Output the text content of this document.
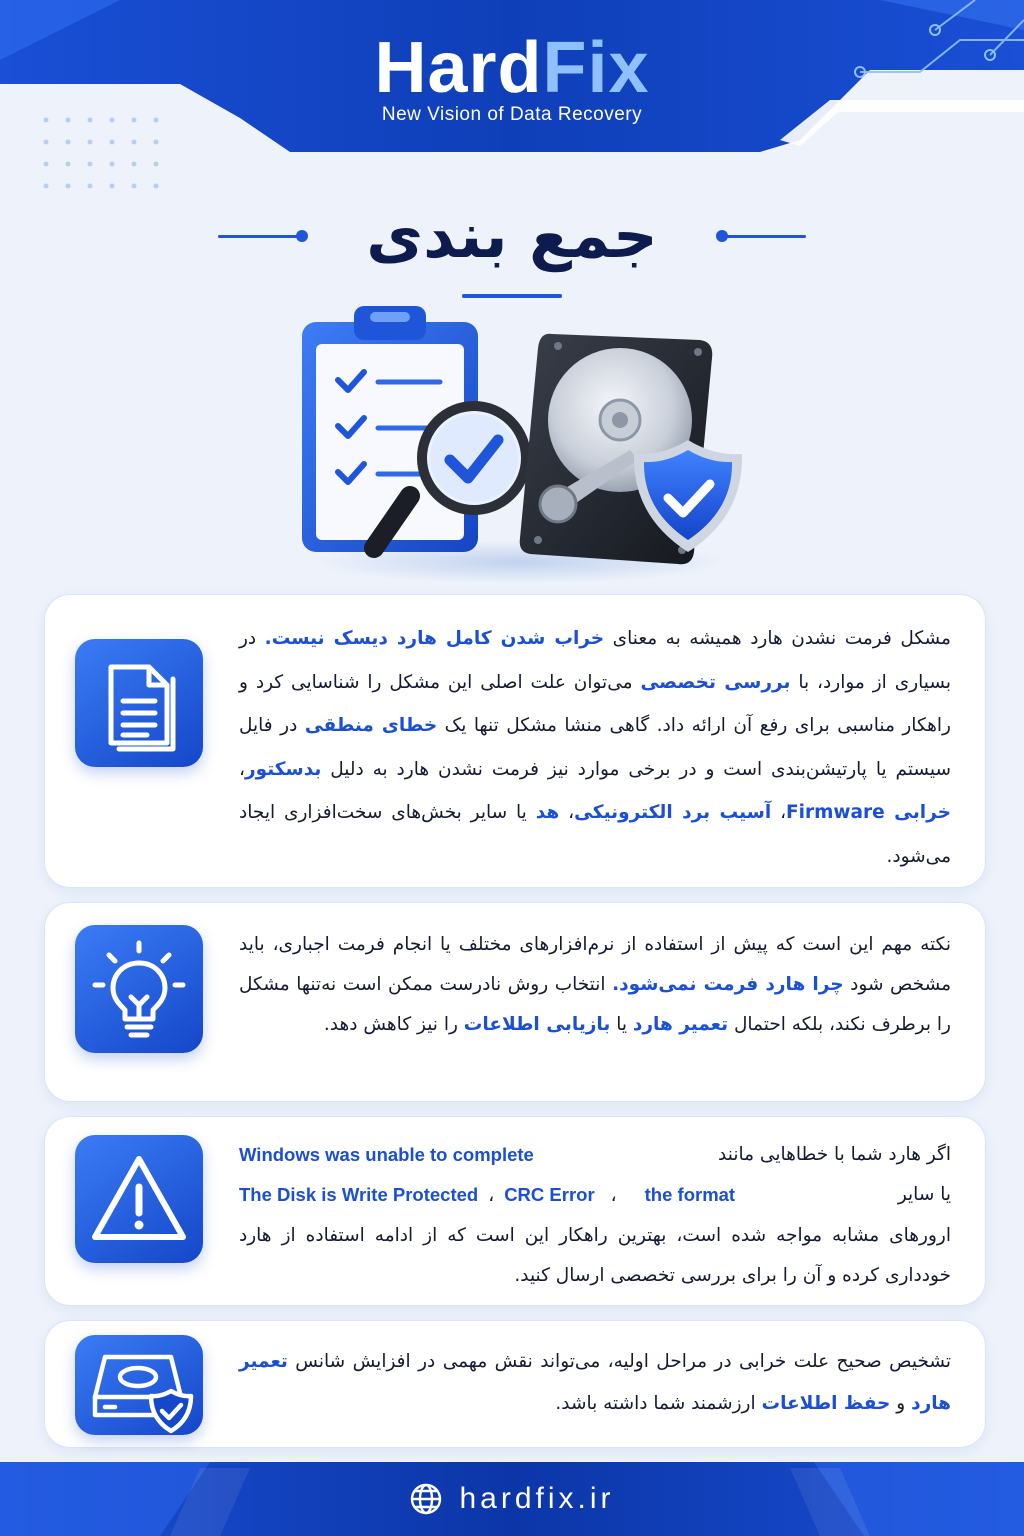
HardFix
New Vision of Data Recovery
جمع بندی

مشکل فرمت نشدن هارد همیشه به معنای خراب شدن کامل هارد دیسک نیست. در بسیاری از موارد، با بررسی تخصصی می‌توان علت اصلی این مشکل را شناسایی کرد و راهکار مناسبی برای رفع آن ارائه داد. گاهی منشا مشکل تنها یک خطای منطقی در فایل سیستم یا پارتیشن‌بندی است و در برخی موارد نیز فرمت نشدن هارد به دلیل بدسکتور، خرابی Firmware، آسیب برد الکترونیکی، هد یا سایر بخش‌های سخت‌افزاری ایجاد می‌شود.

نکته مهم این است که پیش از استفاده از نرم‌افزارهای مختلف یا انجام فرمت اجباری، باید مشخص شود چرا هارد فرمت نمی‌شود. انتخاب روش نادرست ممکن است نه‌تنها مشکل را برطرف نکند، بلکه احتمال تعمیر هارد یا بازیابی اطلاعات را نیز کاهش دهد.

اگر هارد شما با خطاهایی مانند
Windows was unable to complete
یا سایر
The Disk is Write Protected ، CRC Error ، the format

ارورهای مشابه مواجه شده است، بهترین راهکار این است که از ادامه استفاده از هارد خودداری کرده و آن را برای بررسی تخصصی ارسال کنید.

تشخیص صحیح علت خرابی در مراحل اولیه، می‌تواند نقش مهمی در افزایش شانس تعمیر هارد و حفظ اطلاعات ارزشمند شما داشته باشد.

hardfix.ir
